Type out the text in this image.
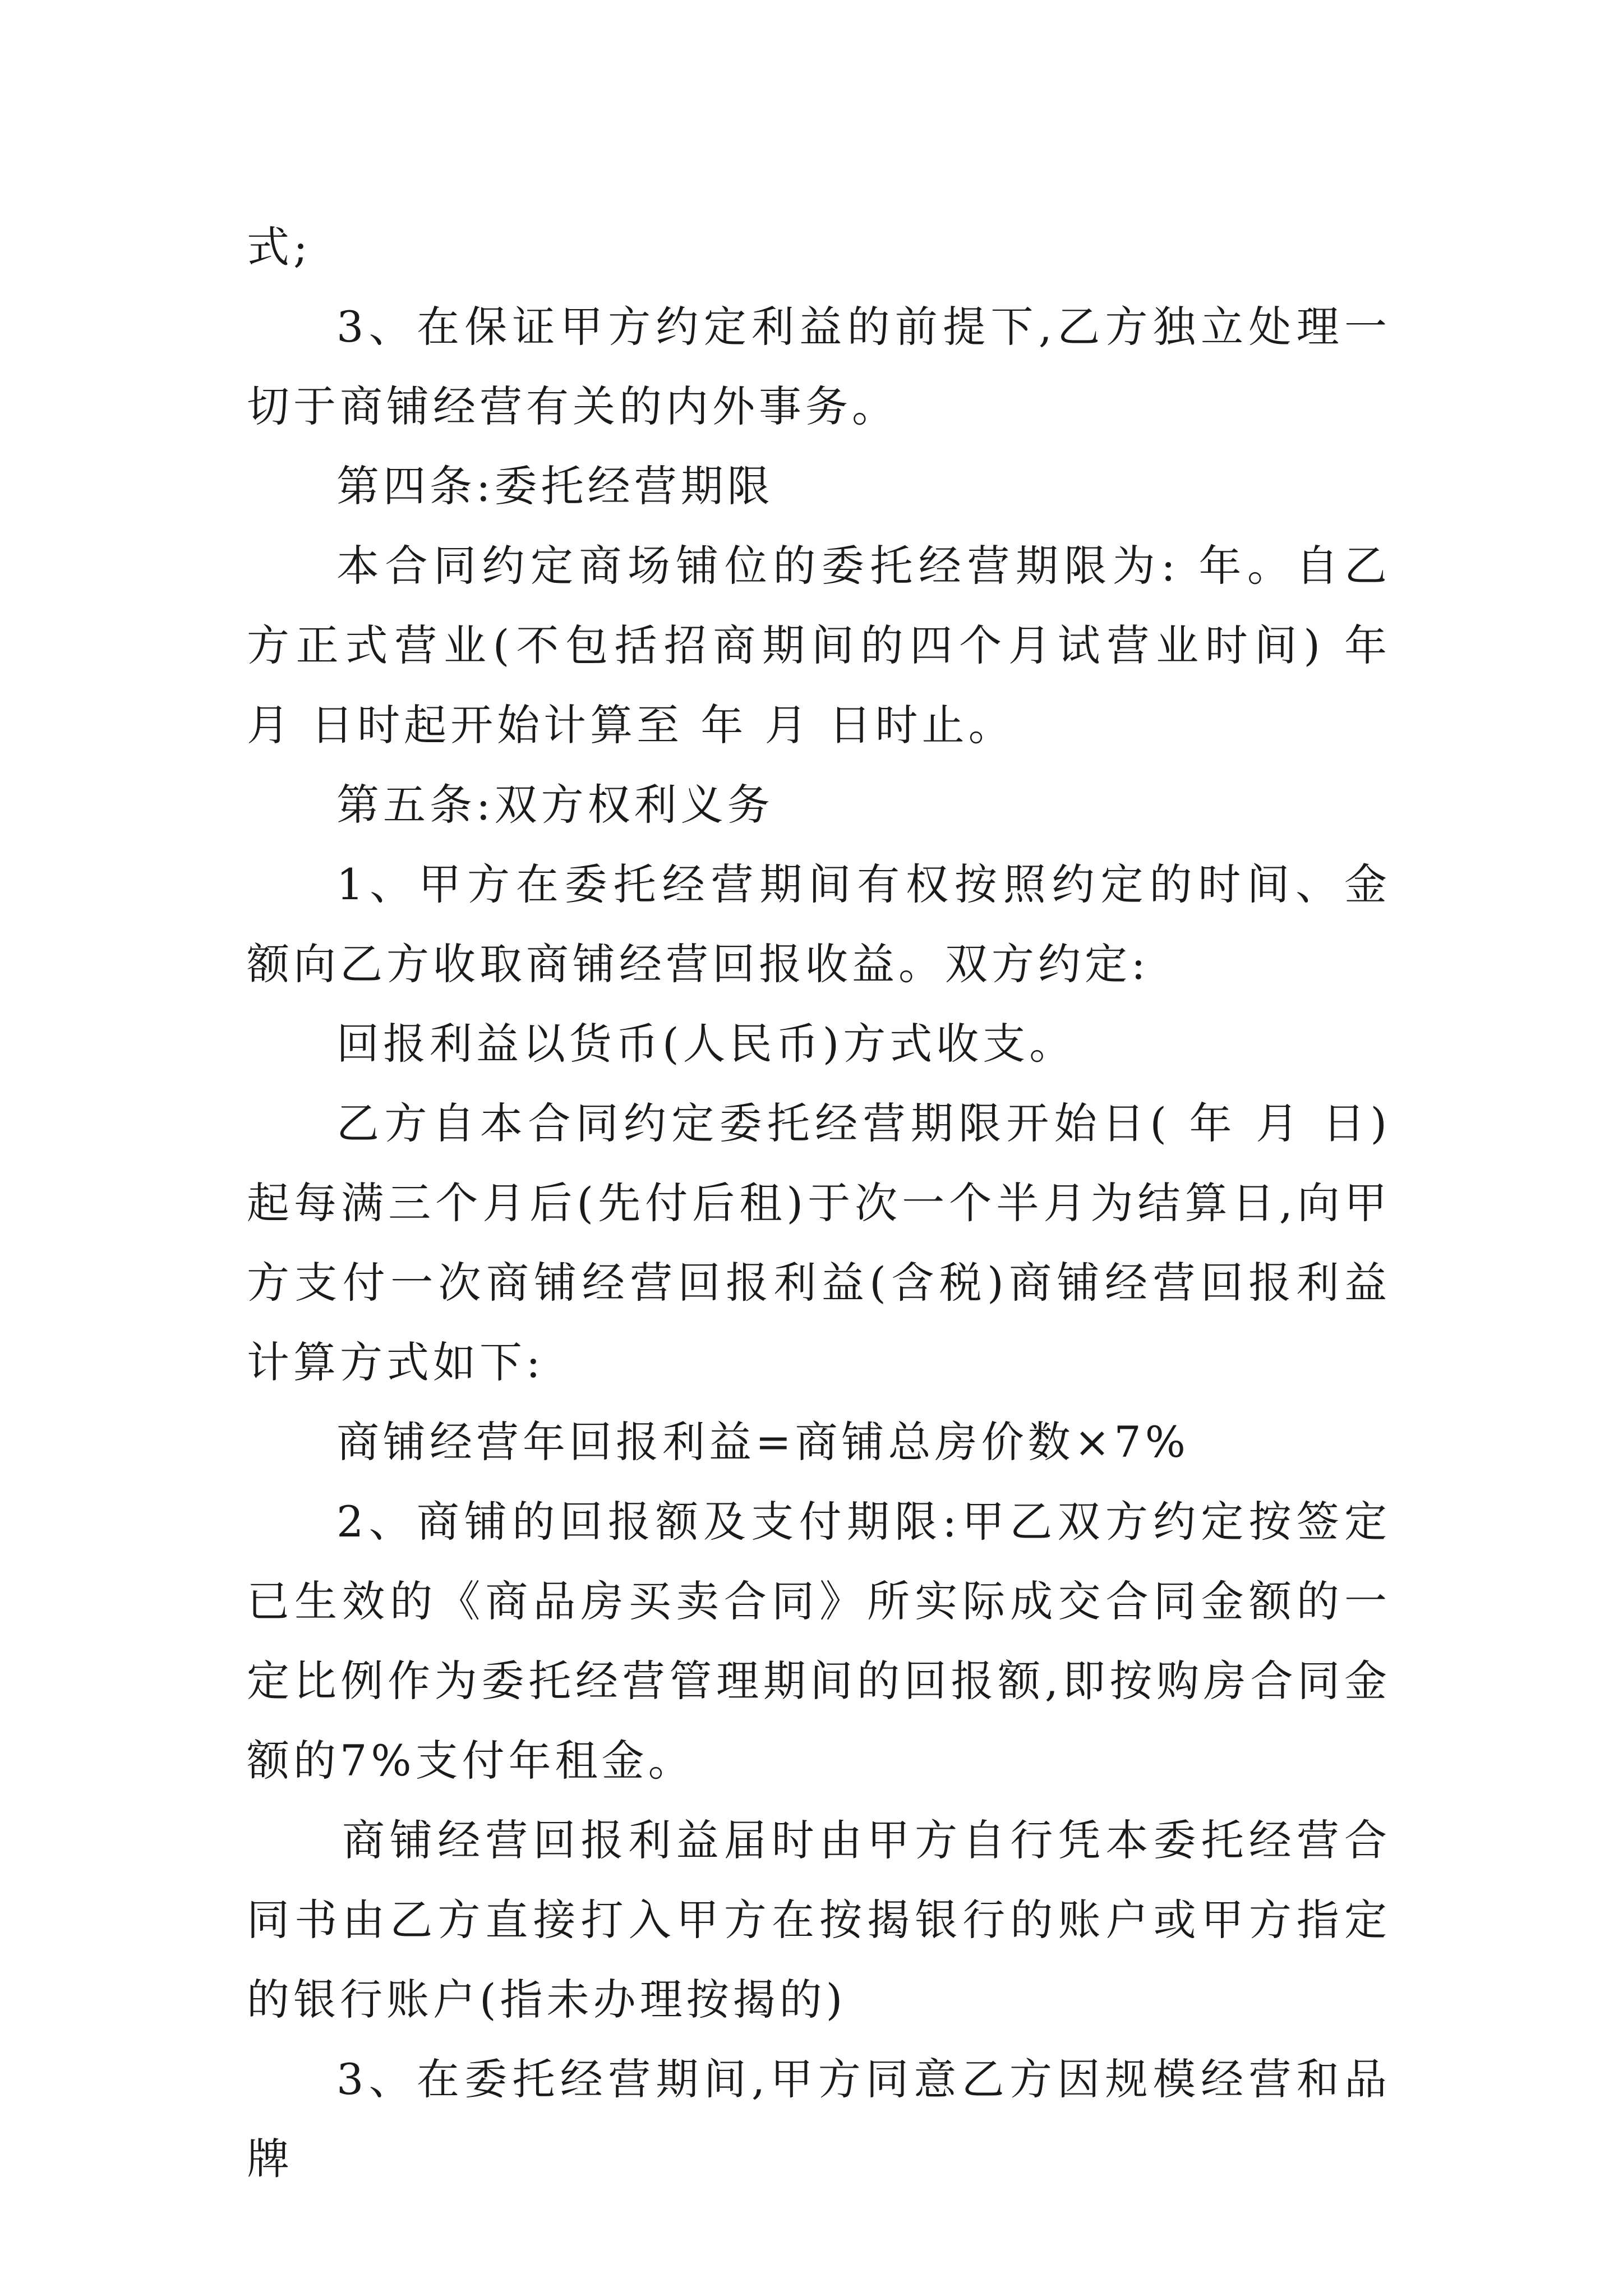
式;

3、在保证甲方约定利益的前提下,乙方独立处理一切于商铺经营有关的内外事务。

第四条:委托经营期限

本合同约定商场铺位的委托经营期限为: 年。自乙方正式营业(不包括招商期间的四个月试营业时间) 年 月 日时起开始计算至 年 月 日时止。

第五条:双方权利义务

1、甲方在委托经营期间有权按照约定的时间、金额向乙方收取商铺经营回报收益。双方约定:

回报利益以货币(人民币)方式收支。

乙方自本合同约定委托经营期限开始日( 年 月 日)起每满三个月后(先付后租)于次一个半月为结算日,向甲方支付一次商铺经营回报利益(含税)商铺经营回报利益计算方式如下:

商铺经营年回报利益=商铺总房价数×7%

2、商铺的回报额及支付期限:甲乙双方约定按签定已生效的《商品房买卖合同》所实际成交合同金额的一定比例作为委托经营管理期间的回报额,即按购房合同金额的7%支付年租金。

商铺经营回报利益届时由甲方自行凭本委托经营合同书由乙方直接打入甲方在按揭银行的账户或甲方指定的银行账户(指未办理按揭的)

3、在委托经营期间,甲方同意乙方因规模经营和品牌
